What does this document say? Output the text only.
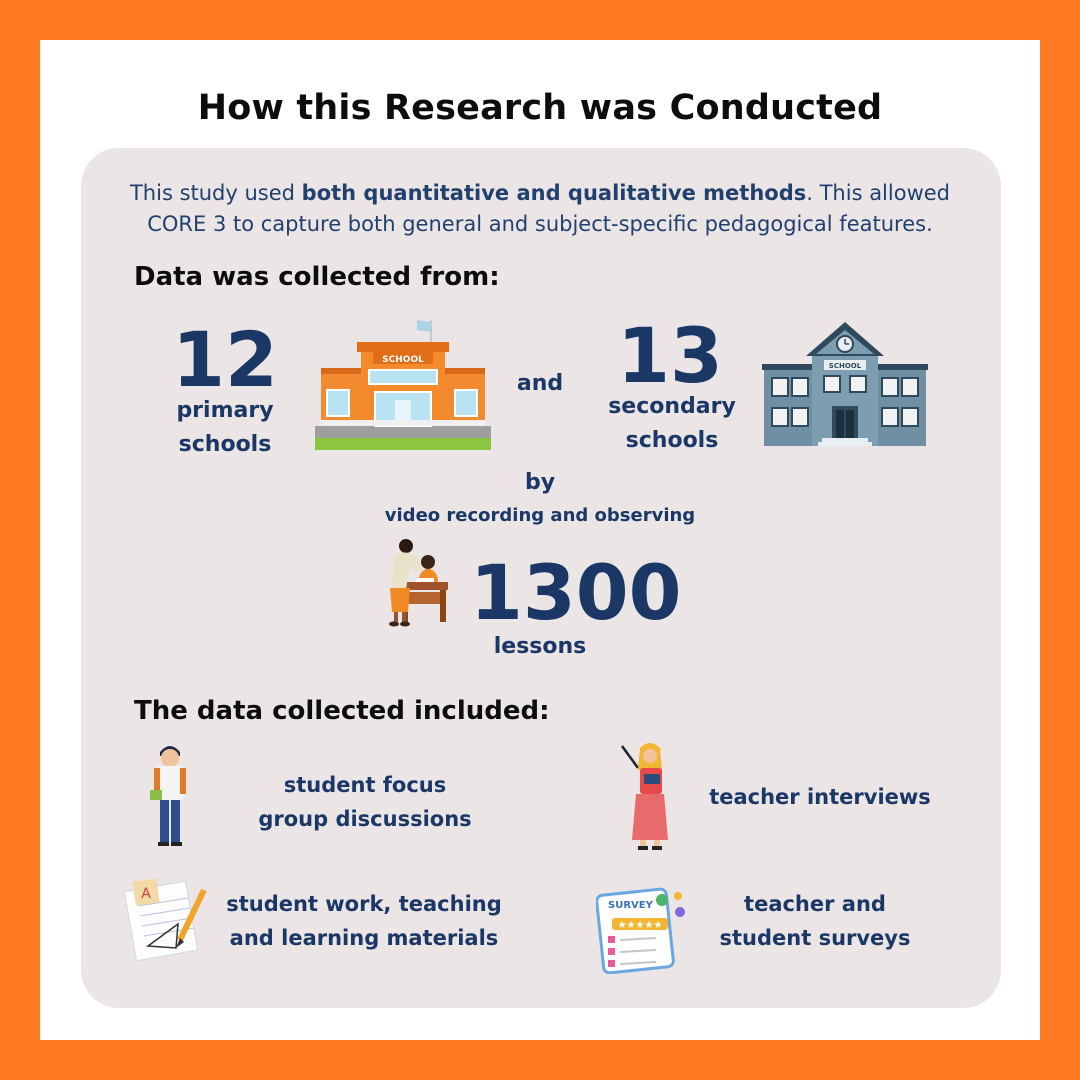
How this Research was Conducted
This study used both quantitative and qualitative methods. This allowed CORE 3 to capture both general and subject-specific pedagogical features.
Data was collected from:
12
primary
schools
SCHOOL
and 13
secondary
schools
SCHOOL
by
video recording and observing
1300
lessons
The data collected included:
student focus
group discussions
teacher interviews
A	student work, teaching
and learning materials
SURVEY
★★★★★
teacher and
student surveys
